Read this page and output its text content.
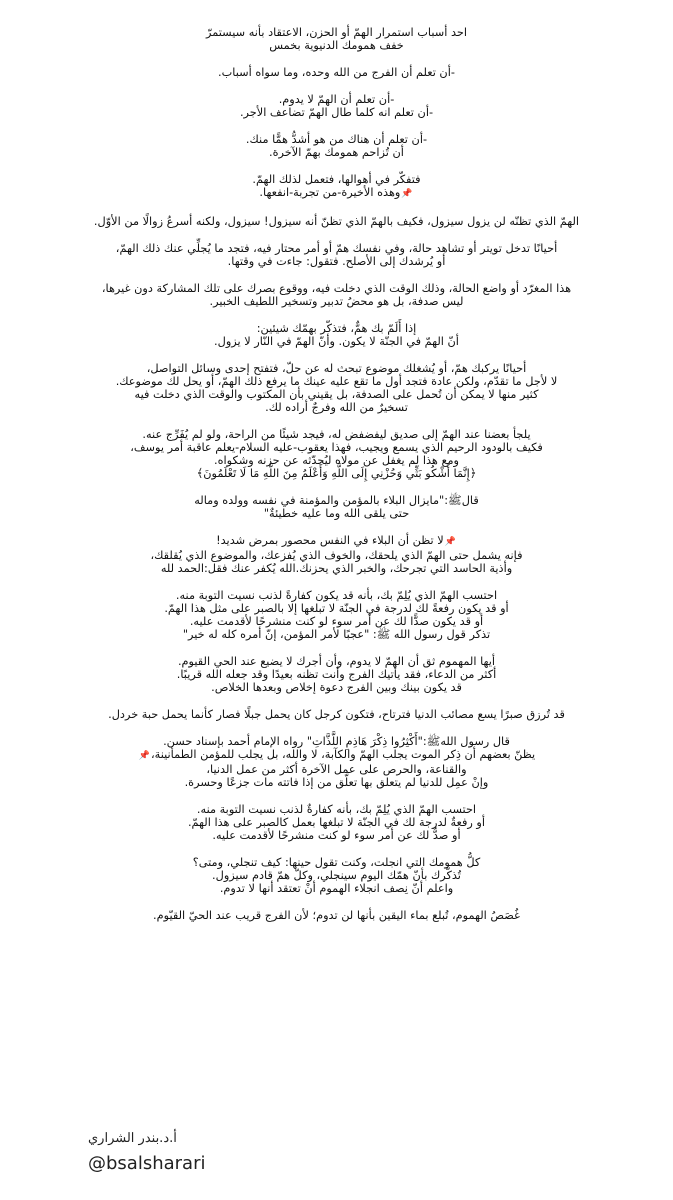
احد أسباب استمرار الهمّ أو الحزن، الاعتقاد بأنه سيستمرّ
خفف همومك الدنيوية بخمس
-أن تعلم أن الفرج من الله وحده، وما سواه أسباب.
-أن تعلم أن الهمّ لا يدوم.
-أن تعلم انه كلما طال الهمّ تضاعف الأجر.
-أن تعلم أن هناك من هو أشدُّ همًّا منك.
أن تُزاحم همومك بهمّ الآخرة.
فتفكّر في أهوالها، فتعمل لذلك الهمّ.
📌وهذه الأخيرة-من تجربة-انفعها.
الهمّ الذي تظنّه لن يزول سيزول، فكيف بالهمّ الذي تظنّ أنه سيزول! سيزول، ولكنه أسرعُ زوالًا من الأوّل.
أحيانًا تدخل تويتر أو تشاهد حالة، وفي نفسك همّ أو أمر محتار فيه، فتجد ما يُجلِّي عنك ذلك الهمّ،
أو يُرشدك إلى الأصلح. فتقول: جاءت في وقتها.
هذا المغرّد أو واضع الحالة، وذلك الوقت الذي دخلت فيه، ووقوع بصرك على تلك المشاركة دون غيرها،
ليس صدفة، بل هو محضُ تدبير وتسخير اللطيف الخبير.
إذا أَلَمّ بك همٌّ، فتذكّر بهمّك شيئين:
أنّ الهمّ في الجنّة لا يكون. وأنّ الهمّ في النّار لا يزول.
أحيانًا يركبك همّ، أو يُشغلك موضوع تبحث له عن حلّ، فتفتح إحدى وسائل التواصل،
لا لأجل ما تقدّم، ولكن عادة فتجد أول ما تقع عليه عينك ما يرفع ذلك الهمّ، أو يحل لك موضوعك.
كثير منها لا يمكن أن تُحمل على الصدفة، بل يقيني بأن المكتوب والوقت الذي دخلت فيه
تسخيرٌ من الله وفرجٌ أراده لك.
يلجأ بعضنا عند الهمّ إلى صديق ليفضفض له، فيجد شيئًا من الراحة، ولو لم يُفَرِّج عنه.
فكيف بالودود الرحيم الذي يسمع ويجيب، فهذا يعقوب-عليه السلام-يعلم عاقبة أمر يوسف،
ومع هذا لم يغفل عن مولاه ليُحدّثه عن حزنه وشكواه.
﴿إِنَّمَا أَشْكُو بَثِّي وَحُزْنِي إِلَى اللَّهِ وَأَعْلَمُ مِنَ اللَّهِ مَا لَا تَعْلَمُونَ﴾
قالﷺ:"مايزال البلاء بالمؤمن والمؤمنة في نفسه وولده وماله
حتى يلقى الله وما عليه خطيئةٌ"
📌لا تظن أن البلاء في النفس محصور بمرض شديد!
فإنه يشمل حتى الهمّ الذي يلحقك، والخوف الذي يُفزعك، والموضوع الذي يُقلقك،
وأذية الحاسد التي تجرحك، والخبر الذي يحزنك.الله يُكفر عنك فقل:الحمد لله
احتسب الهمّ الذي يُلِمّ بك، بأنه قد يكون كفارةً لذنب نسيت التوبة منه.
أو قد يكون رفعةً لك لدرجة في الجنّة لا تبلغها إلا بالصبر على مثل هذا الهمّ.
أو قد يكون صدًّا لك عن أمر سوء لو كنت منشرحًا لأقدمت عليه.
تذكر قول رسول الله ﷺ: "عجبًا لأمر المؤمن، إنّ أمره كله له خير"
أيها المهموم ثق أن الهمّ لا يدوم، وأن أجرك لا يضيع عند الحي القيوم.
أكثر من الدعاء، فقد يأتيك الفرج وأنت تظنه بعيدًا وقد جعله الله قريبًا.
قد يكون بينك وبين الفرج دعوة إخلاص وبعدها الخلاص.
قد تُرزق صبرًا يسع مصائب الدنيا فترتاح، فتكون كرجل كان يحمل جبلًا فصار كأنما يحمل حبة خردل.
قال رسول اللهﷺ:"أَكْثِرُوا ذِكْرَ هَاذِمِ اللَّذَّاتِ" رواه الإمام أحمد بإسناد حسن.
يظنّ بعضهم أن ذِكر الموت يجلب الهمّ والكآبة، لا والله، بل يجلب للمؤمن الطمأنينة،📌
والقناعة، والحرص على عمل الآخرة أكثر من عمل الدنيا،
وإنْ عمِل للدنيا لم يتعلق بها تعلّق من إذا فاتته مات جزعًا وحسرة.
احتسب الهمّ الذي يُلِمّ بك، بأنه كفارةٌ لذنب نسيت التوبة منه.
أو رفعةٌ لدرجة لك في الجنّة لا تبلغها بعمل كالصبر على هذا الهمّ.
أو صدٌّ لك عن أمر سوء لو كنت منشرحًا لأقدمت عليه.
كلُّ همومك التي انجلت، وكنت تقول حينها: كيف تنجلي، ومتى؟
تُذكّرك بأنّ همّك اليوم سينجلي، وكلّ همّ قادم سيزول.
واعلم أنّ نِصف انجلاء الهموم أنْ تعتقد أنها لا تدوم.
غُصَصُ الهموم، تُبلع بماء اليقين بأنها لن تدوم؛ لأن الفرج قريب عند الحيّ القيّوم.
أ.د.بندر الشراري
@bsalsharari
